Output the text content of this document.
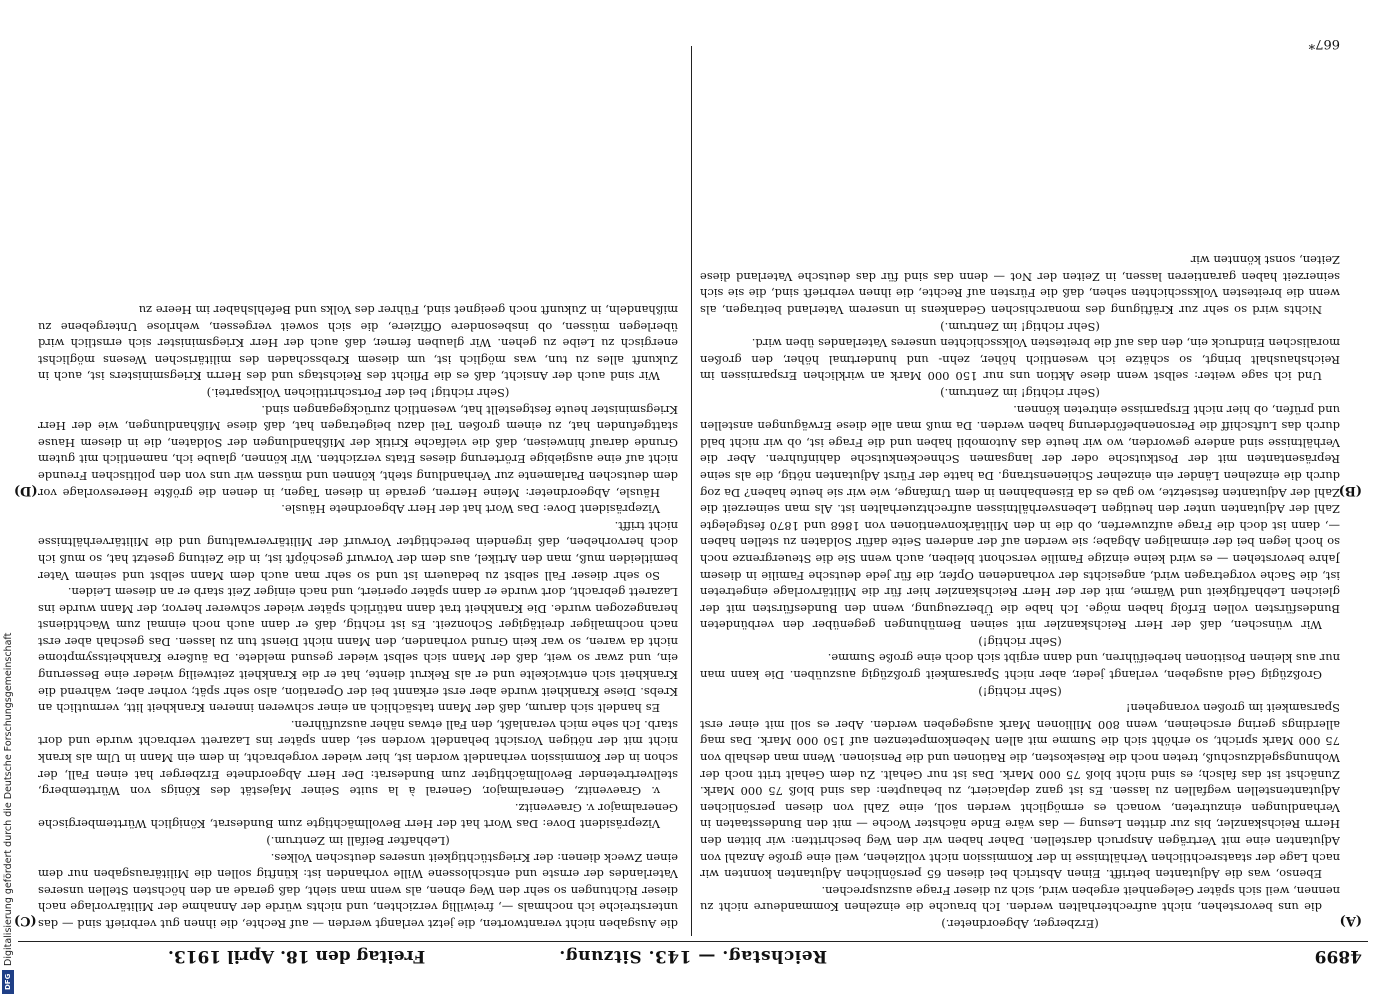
Digitalisierung gefördert durch die Deutsche Forschungsgemeinschaft
DFG
4899
Reichstag. — 143. Sitzung.
Freitag den 18. April 1913.
(A)
(B)
(C)
(D)

(Erzberger, Abgeordneter.)

die uns bevorstehen, nicht aufrechterhalten werden. Ich brauche die einzelnen Kommandeure nicht zu nennen, weil sich später Gelegenheit ergeben wird, sich zu dieser Frage auszusprechen.

Ebenso, was die Adjutanten betrifft. Einen Abstrich bei diesen 65 persönlichen Adjutanten konnten wir nach Lage der staatsrechtlichen Verhältnisse in der Kommission nicht vollziehen, weil eine große Anzahl von Adjutanten eine mit Verträgen Anspruch darstellen. Daher haben wir den Weg beschritten: wir bitten den Herrn Reichskanzler, bis zur dritten Lesung — das wäre Ende nächster Woche — mit den Bundesstaaten in Verhandlungen einzutreten, wonach es ermöglicht werden soll, eine Zahl von diesen persönlichen Adjutantenstellen wegfallen zu lassen. Es ist ganz deplaciert, zu behaupten: das sind bloß 75 000 Mark. Zunächst ist das falsch; es sind nicht bloß 75 000 Mark. Das ist nur Gehalt. Zu dem Gehalt tritt noch der Wohnungsgeldzuschuß, treten noch die Reisekosten, die Rationen und die Pensionen. Wenn man deshalb von 75 000 Mark spricht, so erhöht sich die Summe mit allen Nebenkompetenzen auf 150 000 Mark. Das mag allerdings gering erscheinen, wenn 800 Millionen Mark ausgegeben werden. Aber es soll mit einer erst Sparsamkeit im großen vorangehen!

(Sehr richtig!)

Großzügig Geld ausgeben, verlangt jeder, aber nicht Sparsamkeit großzügig auszuüben. Die kann man nur aus kleinen Positionen herbeiführen, und dann ergibt sich doch eine große Summe.

(Sehr richtig!)

Wir wünschen, daß der Herr Reichskanzler mit seinen Bemühungen gegenüber den verbündeten Bundesfürsten vollen Erfolg haben möge. Ich habe die Überzeugung, wenn den Bundesfürsten mit der gleichen Lebhaftigkeit und Wärme, mit der der Herr Reichskanzler hier für die Militärvorlage eingetreten ist, die Sache vorgetragen wird, angesichts der vorhandenen Opfer, die für jede deutsche Familie in diesem Jahre bevorstehen — es wird keine einzige Familie verschont bleiben, auch wenn Sie die Steuergrenze noch so hoch legen bei der einmaligen Abgabe; sie werden auf der anderen Seite dafür Soldaten zu stellen haben —, dann ist doch die Frage aufzuwerfen, ob die in den Militärkonventionen von 1868 und 1870 festgelegte Zahl der Adjutanten unter den heutigen Lebensverhältnissen aufrechtzuerhalten ist. Als man seinerzeit die Zahl der Adjutanten festsetzte, wo gab es da Eisenbahnen in dem Umfange, wie wir sie heute haben? Da zog durch die einzelnen Länder ein einzelner Schienenstrang. Da hatte der Fürst Adjutanten nötig, die als seine Repräsentanten mit der Postkutsche oder der langsamen Schneckenkutsche dahinfuhren. Aber die Verhältnisse sind andere geworden, wo wir heute das Automobil haben und die Frage ist, ob wir nicht bald durch das Luftschiff die Personenbeförderung haben werden. Da muß man alle diese Erwägungen anstellen und prüfen, ob hier nicht Ersparnisse eintreten können.

(Sehr richtig! im Zentrum.)

Und ich sage weiter: selbst wenn diese Aktion uns nur 150 000 Mark an wirklichen Ersparnissen im Reichshaushalt bringt, so schätze ich wesentlich höher, zehn- und hundertmal höher, den großen moralischen Eindruck ein, den das auf die breitesten Volksschichten unseres Vaterlandes üben wird.

(Sehr richtig! im Zentrum.)

Nichts wird so sehr zur Kräftigung des monarchischen Gedankens in unserem Vaterland beitragen, als wenn die breitesten Volksschichten sehen, daß die Fürsten auf Rechte, die ihnen verbrieft sind, die sie sich seinerzeit haben garantieren lassen, in Zeiten der Not — denn das sind für das deutsche Vaterland diese Zeiten, sonst könnten wir

die Ausgaben nicht verantworten, die jetzt verlangt werden — auf Rechte, die ihnen gut verbrieft sind — das unterstreiche ich nochmals —, freiwillig verzichten, und nichts würde der Annahme der Militärvorlage nach dieser Richtungen so sehr den Weg ebnen, als wenn man sieht, daß gerade an den höchsten Stellen unseres Vaterlandes der ernste und entschlossene Wille vorhanden ist: künftig sollen die Militärausgaben nur dem einen Zweck dienen: der Kriegstüchtigkeit unseres deutschen Volkes.

(Lebhafter Beifall im Zentrum.)

Vizepräsident Dove: Das Wort hat der Herr Bevollmächtigte zum Bundesrat, Königlich Württembergische Generalmajor v. Graevenitz.

v. Graevenitz, Generalmajor, General à la suite Seiner Majestät des Königs von Württemberg, stellvertretender Bevollmächtigter zum Bundesrat: Der Herr Abgeordnete Erzberger hat einen Fall, der schon in der Kommission verhandelt worden ist, hier wieder vorgebracht, in dem ein Mann in Ulm als krank nicht mit der nötigen Vorsicht behandelt worden sei, dann später ins Lazarett verbracht wurde und dort starb. Ich sehe mich veranlaßt, den Fall etwas näher auszuführen.

Es handelt sich darum, daß der Mann tatsächlich an einer schweren inneren Krankheit litt, vermutlich an Krebs. Diese Krankheit wurde aber erst erkannt bei der Operation, also sehr spät; vorher aber, während die Krankheit sich entwickelte und er als Rekrut diente, hat er die Krankheit zeitweilig wieder eine Besserung ein, und zwar so weit, daß der Mann sich selbst wieder gesund meldete. Da äußere Krankheitssymptome nicht da waren, so war kein Grund vorhanden, den Mann nicht Dienst tun zu lassen. Das geschah aber erst nach nochmaliger dreitägiger Schonzeit. Es ist richtig, daß er dann auch noch einmal zum Wachtdienst herangezogen wurde. Die Krankheit trat dann natürlich später wieder schwerer hervor, der Mann wurde ins Lazarett gebracht, dort wurde er dann später operiert, und nach einiger Zeit starb er an diesem Leiden.

So sehr dieser Fall selbst zu bedauern ist und so sehr man auch dem Mann selbst und seinem Vater bemitleiden muß, man den Artikel, aus dem der Vorwurf geschöpft ist, in die Zeitung gesetzt hat, so muß ich doch hervorheben, daß irgendein berechtigter Vorwurf der Militärverwaltung und die Militärverhältnisse nicht trifft.

Vizepräsident Dove: Das Wort hat der Herr Abgeordnete Häusle.

Häusle, Abgeordneter: Meine Herren, gerade in diesen Tagen, in denen die größte Heeresvorlage vor dem deutschen Parlamente zur Verhandlung steht, können und müssen wir uns von den politischen Freunde nicht auf eine ausgiebige Erörterung dieses Etats verzichten. Wir können, glaube ich, namentlich mit gutem Grunde darauf hinweisen, daß die vielfache Kritik der Mißhandlungen der Soldaten, die in diesem Hause stattgefunden hat, zu einem großen Teil dazu beigetragen hat, daß diese Mißhandlungen, wie der Herr Kriegsminister heute festgestellt hat, wesentlich zurückgegangen sind.

(Sehr richtig! bei der Fortschrittlichen Volkspartei.)

Wir sind auch der Ansicht, daß es die Pflicht des Reichstags und des Herrn Kriegsministers ist, auch in Zukunft alles zu tun, was möglich ist, um diesem Krebsschaden des militärischen Wesens möglichst energisch zu Leibe zu gehen. Wir glauben ferner, daß auch der Herr Kriegsminister sich ernstlich wird überlegen müssen, ob insbesondere Offiziere, die sich soweit vergessen, wehrlose Untergebene zu mißhandeln, in Zukunft noch geeignet sind, Führer des Volks und Befehlshaber im Heere zu

667*
